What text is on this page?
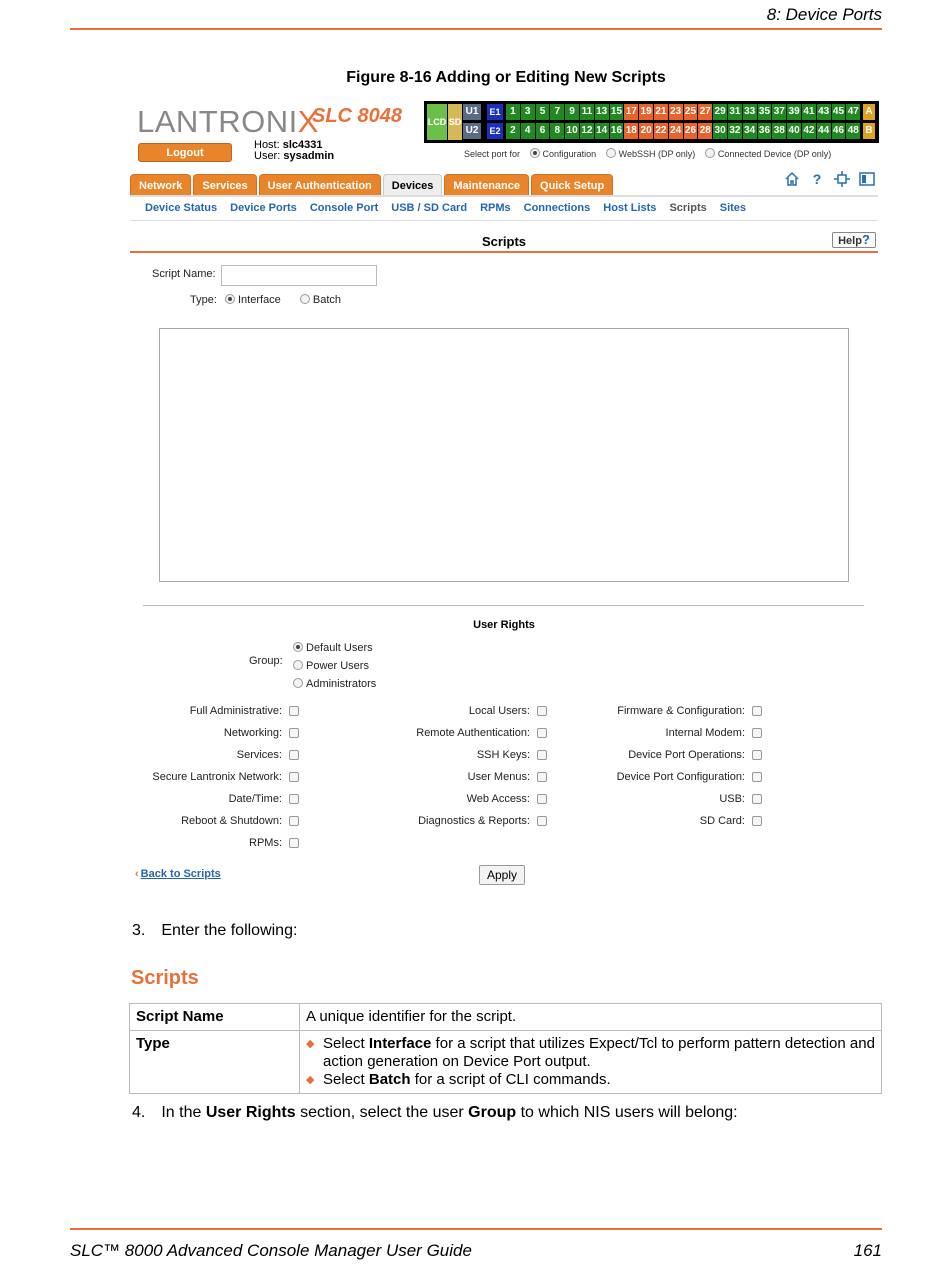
8: Device Ports
Figure 8-16 Adding or Editing New Scripts
LANTRONIX
SLC 8048
Logout
Host: slc4331
User: sysadmin
LCD SD
U1
U2
E1
E2
1 3 5 7 9 11 13 15 17 19 21 23 25 27 29 31 33 35 37 39 41 43 45 47
2 4 6 8 10 12 14 16 18 20 22 24 26 28 30 32 34 36 38 40 42 44 46 48
A
B
Select port for	Configuration	WebSSH (DP only)	Connected Device (DP only)
Network	Services	User Authentication	Devices	Maintenance	Quick Setup	?
Device Status Device Ports Console Port USB / SD Card RPMs Connections Host Lists Scripts Sites
Scripts	Help?
Script Name:
Type:	Interface	Batch
User Rights
Group:
Default Users
Power Users
Administrators
Full Administrative:
Networking:
Services:
Secure Lantronix Network:
Date/Time:
Reboot & Shutdown:
RPMs:
Local Users:
Remote Authentication:
SSH Keys:
User Menus:
Web Access:
Diagnostics & Reports:
Firmware & Configuration:
Internal Modem:
Device Port Operations:
Device Port Configuration:
USB:
SD Card:
‹ Back to Scripts	Apply
3. Enter the following:
Scripts
Script Name	A unique identifier for the script.
Type	◆ Select Interface for a script that utilizes Expect/Tcl to perform pattern detection and action generation on Device Port output.
◆ Select Batch for a script of CLI commands.
4. In the User Rights section, select the user Group to which NIS users will belong:
SLC™ 8000 Advanced Console Manager User Guide	161
